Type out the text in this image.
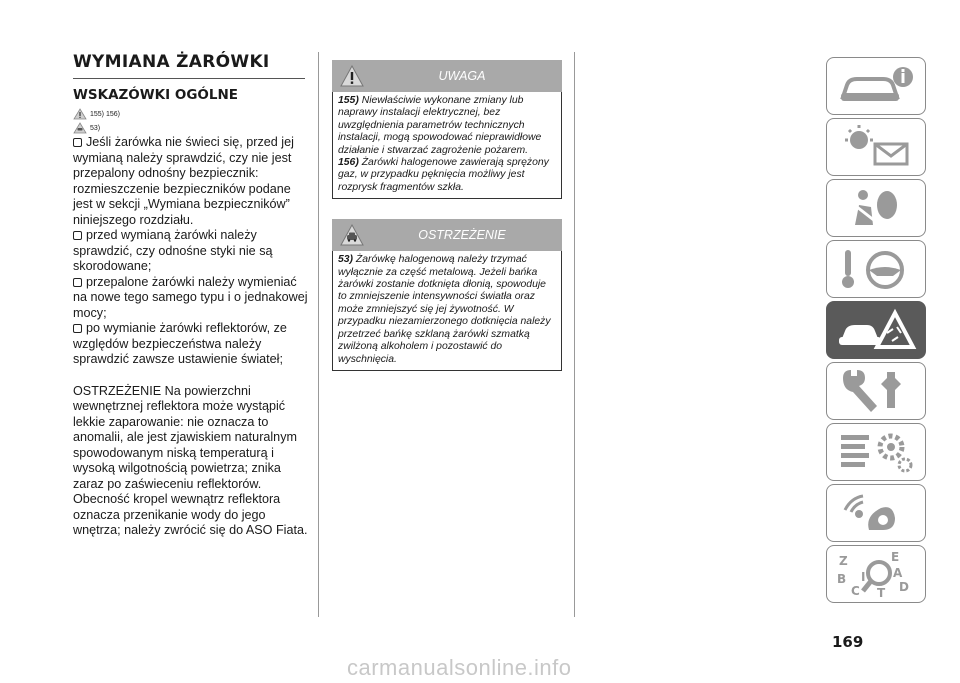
WYMIANA ŻARÓWKI
WSKAZÓWKI OGÓLNE
155) 156)
53)

Jeśli żarówka nie świeci się, przed jej wymianą należy sprawdzić, czy nie jest przepalony odnośny bezpiecznik: rozmieszczenie bezpieczników podane jest w sekcji „Wymiana bezpieczników” niniejszego rozdziału.

przed wymianą żarówki należy sprawdzić, czy odnośne styki nie są skorodowane;

przepalone żarówki należy wymieniać na nowe tego samego typu i o jednakowej mocy;

po wymianie żarówki reflektorów, ze względów bezpieczeństwa należy sprawdzić zawsze ustawienie świateł;

OSTRZEŻENIE Na powierzchni wewnętrznej reflektora może wystąpić lekkie zaparowanie: nie oznacza to anomalii, ale jest zjawiskiem naturalnym spowodowanym niską temperaturą i wysoką wilgotnością powietrza; znika zaraz po zaświeceniu reflektorów. Obecność kropel wewnątrz reflektora oznacza przenikanie wody do jego wnętrza; należy zwrócić się do ASO Fiata.

UWAGA

155) Niewłaściwie wykonane zmiany lub naprawy instalacji elektrycznej, bez uwzględnienia parametrów technicznych instalacji, mogą spowodować nieprawidłowe działanie i stwarzać zagrożenie pożarem.

156) Żarówki halogenowe zawierają sprężony gaz, w przypadku pęknięcia możliwy jest rozprysk fragmentów szkła.

OSTRZEŻENIE

53) Żarówkę halogenową należy trzymać wyłącznie za część metalową. Jeżeli bańka żarówki zostanie dotknięta dłonią, spowoduje to zmniejszenie intensywności światła oraz może zmniejszyć się jej żywotność. W przypadku niezamierzonego dotknięcia należy przetrzeć bańkę szklaną żarówki szmatką zwilżoną alkoholem i pozostawić do wyschnięcia.

Z	E
A
B
D
C T
I
169
carmanualsonline.info
